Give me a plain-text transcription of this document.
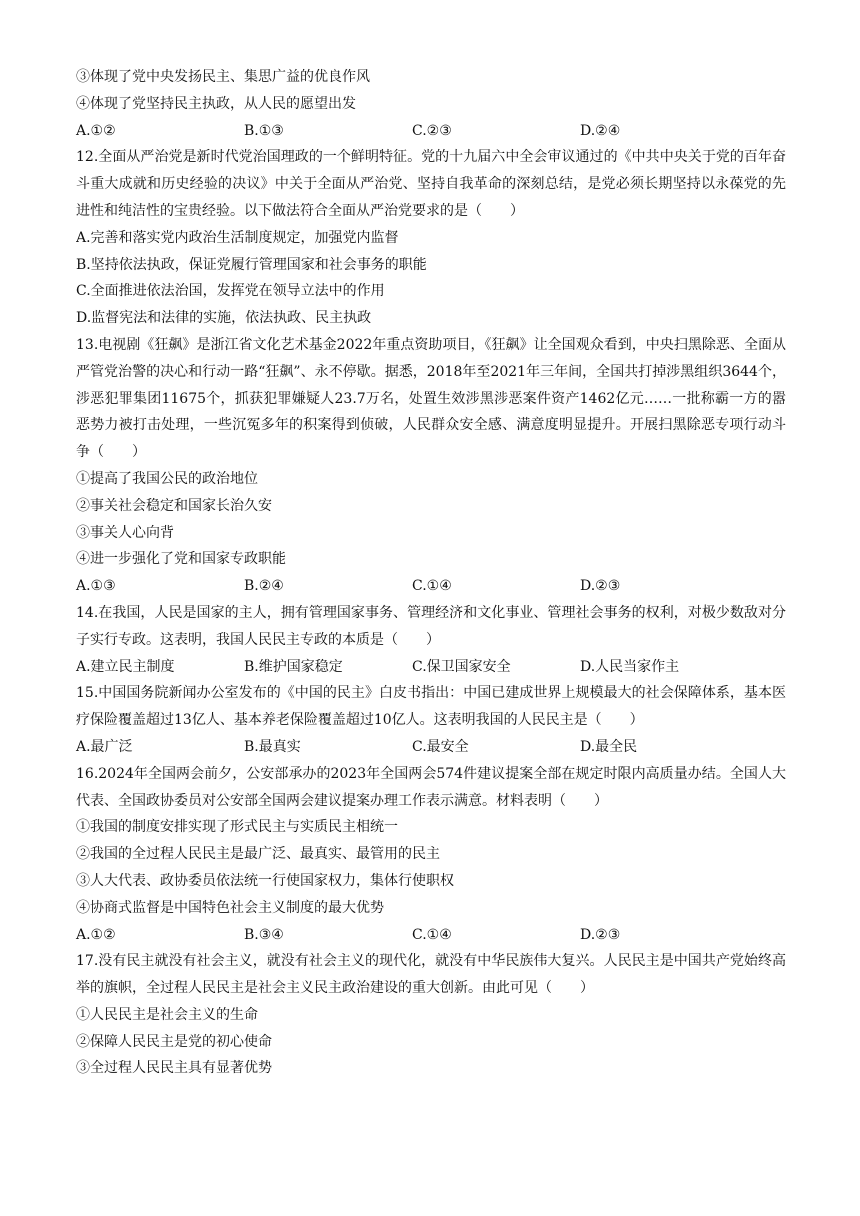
③体现了党中央发扬民主、集思广益的优良作风
④体现了党坚持民主执政，从人民的愿望出发
A.①②	B.①③	C.②③	D.②④
12.全面从严治党是新时代党治国理政的一个鲜明特征。党的十九届六中全会审议通过的《中共中央关于党的百年奋斗重大成就和历史经验的决议》中关于全面从严治党、坚持自我革命的深刻总结，是党必须长期坚持以永葆党的先进性和纯洁性的宝贵经验。以下做法符合全面从严治党要求的是（　　）
A.完善和落实党内政治生活制度规定，加强党内监督
B.坚持依法执政，保证党履行管理国家和社会事务的职能
C.全面推进依法治国，发挥党在领导立法中的作用
D.监督宪法和法律的实施，依法执政、民主执政
13.电视剧《狂飙》是浙江省文化艺术基金2022年重点资助项目，《狂飙》让全国观众看到，中央扫黑除恶、全面从严管党治警的决心和行动一路“狂飙”、永不停歇。据悉，2018年至2021年三年间，全国共打掉涉黑组织3644个，涉恶犯罪集团11675个，抓获犯罪嫌疑人23.7万名，处置生效涉黑涉恶案件资产1462亿元……一批称霸一方的嚣恶势力被打击处理，一些沉冤多年的积案得到侦破，人民群众安全感、满意度明显提升。开展扫黑除恶专项行动斗争（　　）
①提高了我国公民的政治地位
②事关社会稳定和国家长治久安
③事关人心向背
④进一步强化了党和国家专政职能
A.①③	B.②④	C.①④	D.②③
14.在我国，人民是国家的主人，拥有管理国家事务、管理经济和文化事业、管理社会事务的权利，对极少数敌对分子实行专政。这表明，我国人民民主专政的本质是（　　）
A.建立民主制度	B.维护国家稳定	C.保卫国家安全	D.人民当家作主
15.中国国务院新闻办公室发布的《中国的民主》白皮书指出：中国已建成世界上规模最大的社会保障体系，基本医疗保险覆盖超过13亿人、基本养老保险覆盖超过10亿人。这表明我国的人民民主是（　　）
A.最广泛	B.最真实	C.最安全	D.最全民
16.2024年全国两会前夕，公安部承办的2023年全国两会574件建议提案全部在规定时限内高质量办结。全国人大代表、全国政协委员对公安部全国两会建议提案办理工作表示满意。材料表明（　　）
①我国的制度安排实现了形式民主与实质民主相统一
②我国的全过程人民民主是最广泛、最真实、最管用的民主
③人大代表、政协委员依法统一行使国家权力，集体行使职权
④协商式监督是中国特色社会主义制度的最大优势
A.①②	B.③④	C.①④	D.②③
17.没有民主就没有社会主义，就没有社会主义的现代化，就没有中华民族伟大复兴。人民民主是中国共产党始终高举的旗帜，全过程人民民主是社会主义民主政治建设的重大创新。由此可见（　　）
①人民民主是社会主义的生命
②保障人民民主是党的初心使命
③全过程人民民主具有显著优势
